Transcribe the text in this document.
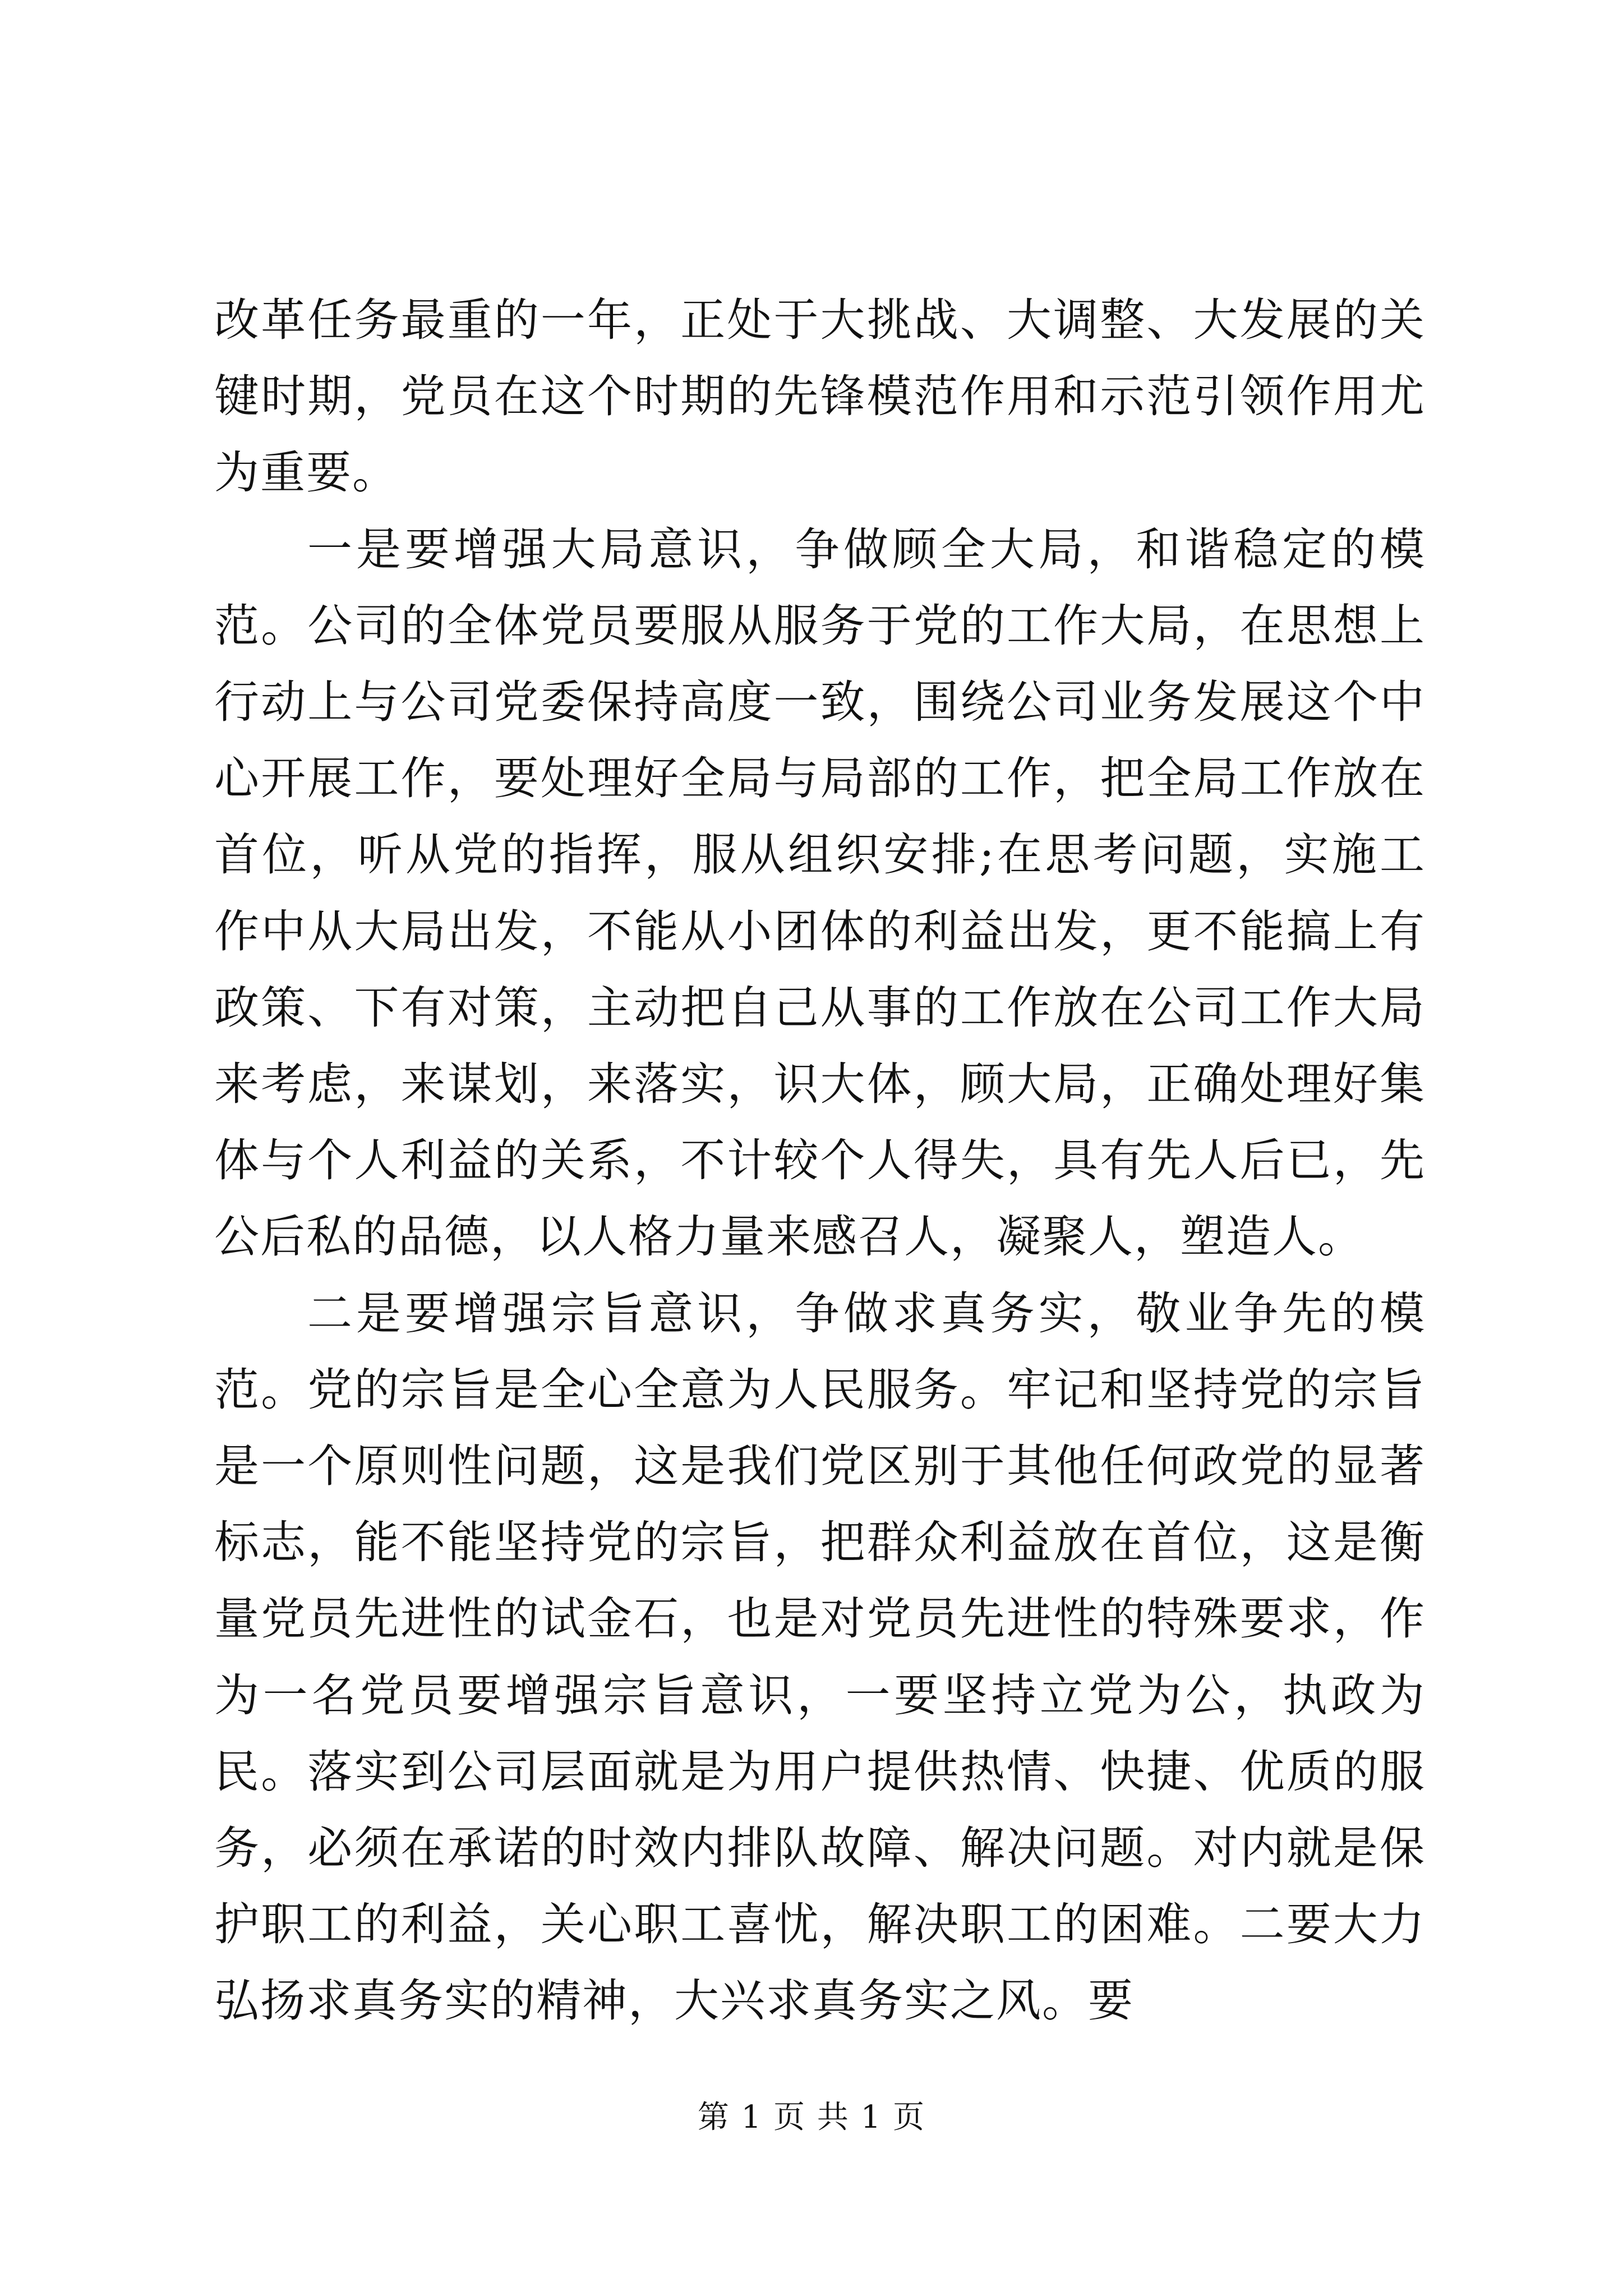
改革任务最重的一年，正处于大挑战、大调整、大发展的关键时期，党员在这个时期的先锋模范作用和示范引领作用尤为重要。

一是要增强大局意识，争做顾全大局，和谐稳定的模范。公司的全体党员要服从服务于党的工作大局，在思想上行动上与公司党委保持高度一致，围绕公司业务发展这个中心开展工作，要处理好全局与局部的工作，把全局工作放在首位，听从党的指挥，服从组织安排;在思考问题，实施工作中从大局出发，不能从小团体的利益出发，更不能搞上有政策、下有对策，主动把自己从事的工作放在公司工作大局来考虑，来谋划，来落实，识大体，顾大局，正确处理好集体与个人利益的关系，不计较个人得失，具有先人后已，先公后私的品德，以人格力量来感召人，凝聚人，塑造人。

二是要增强宗旨意识，争做求真务实，敬业争先的模范。党的宗旨是全心全意为人民服务。牢记和坚持党的宗旨是一个原则性问题，这是我们党区别于其他任何政党的显著标志，能不能坚持党的宗旨，把群众利益放在首位，这是衡量党员先进性的试金石，也是对党员先进性的特殊要求，作为一名党员要增强宗旨意识，一要坚持立党为公，执政为民。落实到公司层面就是为用户提供热情、快捷、优质的服务，必须在承诺的时效内排队故障、解决问题。对内就是保护职工的利益，关心职工喜忧，解决职工的困难。二要大力弘扬求真务实的精神，大兴求真务实之风。要

第 1 页 共 1 页
